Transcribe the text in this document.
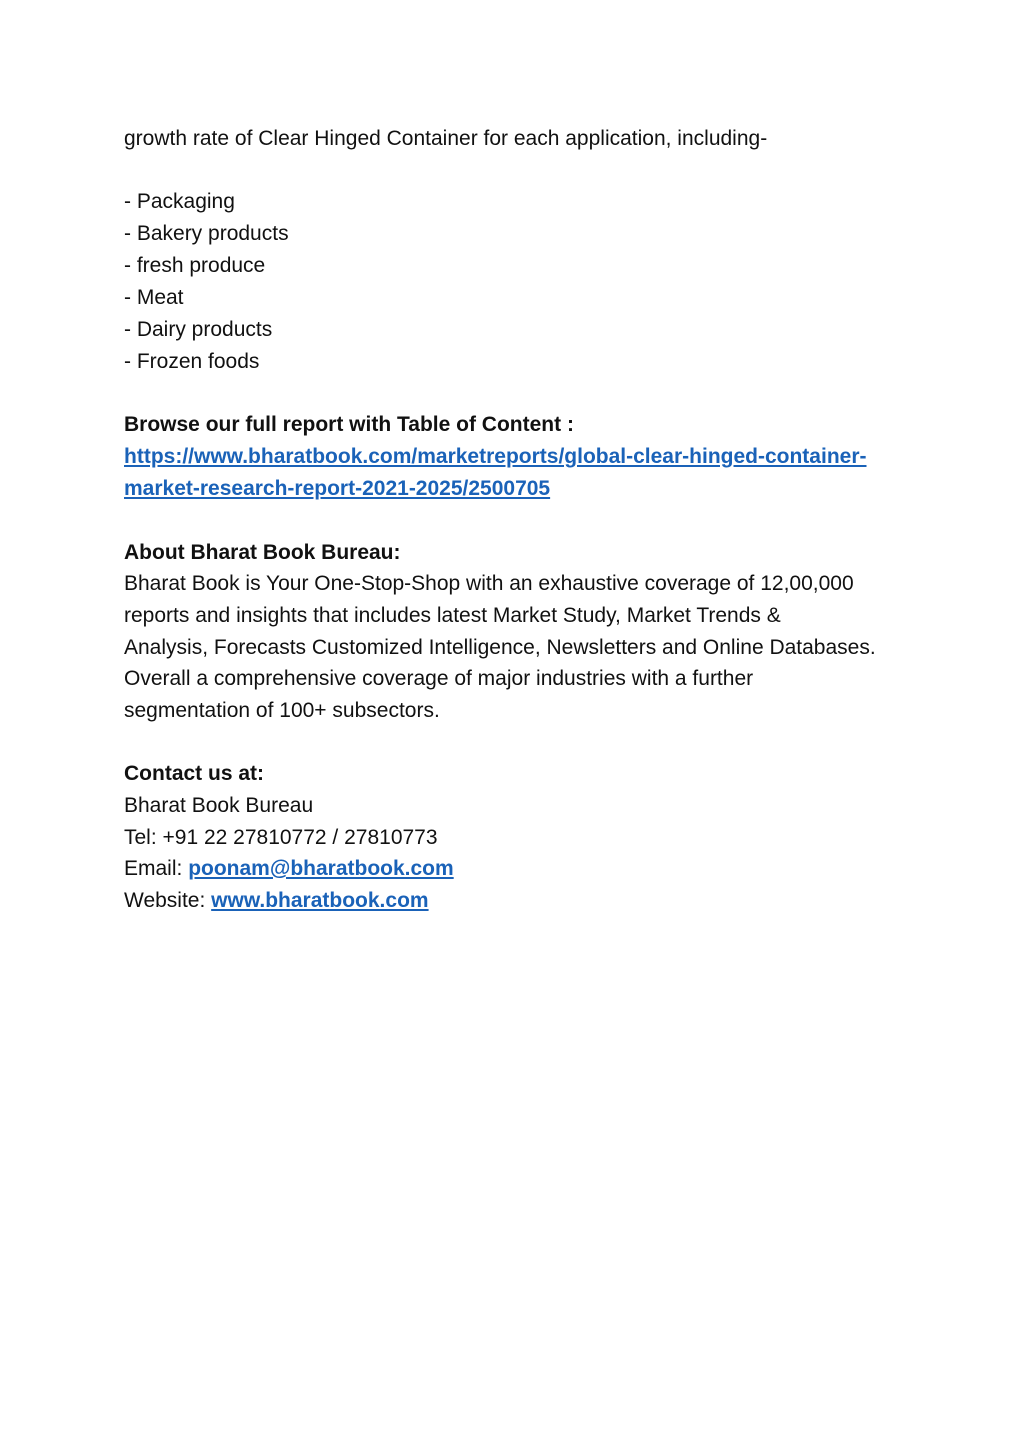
growth rate of Clear Hinged Container for each application, including-
- Packaging
- Bakery products
- fresh produce
- Meat
- Dairy products
- Frozen foods
Browse our full report with Table of Content :
https://www.bharatbook.com/marketreports/global-clear-hinged-container-
market-research-report-2021-2025/2500705
About Bharat Book Bureau:
Bharat Book is Your One-Stop-Shop with an exhaustive coverage of 12,00,000
reports and insights that includes latest Market Study, Market Trends &
Analysis, Forecasts Customized Intelligence, Newsletters and Online Databases.
Overall a comprehensive coverage of major industries with a further
segmentation of 100+ subsectors.
Contact us at:
Bharat Book Bureau
Tel: +91 22 27810772 / 27810773
Email: poonam@bharatbook.com
Website: www.bharatbook.com
